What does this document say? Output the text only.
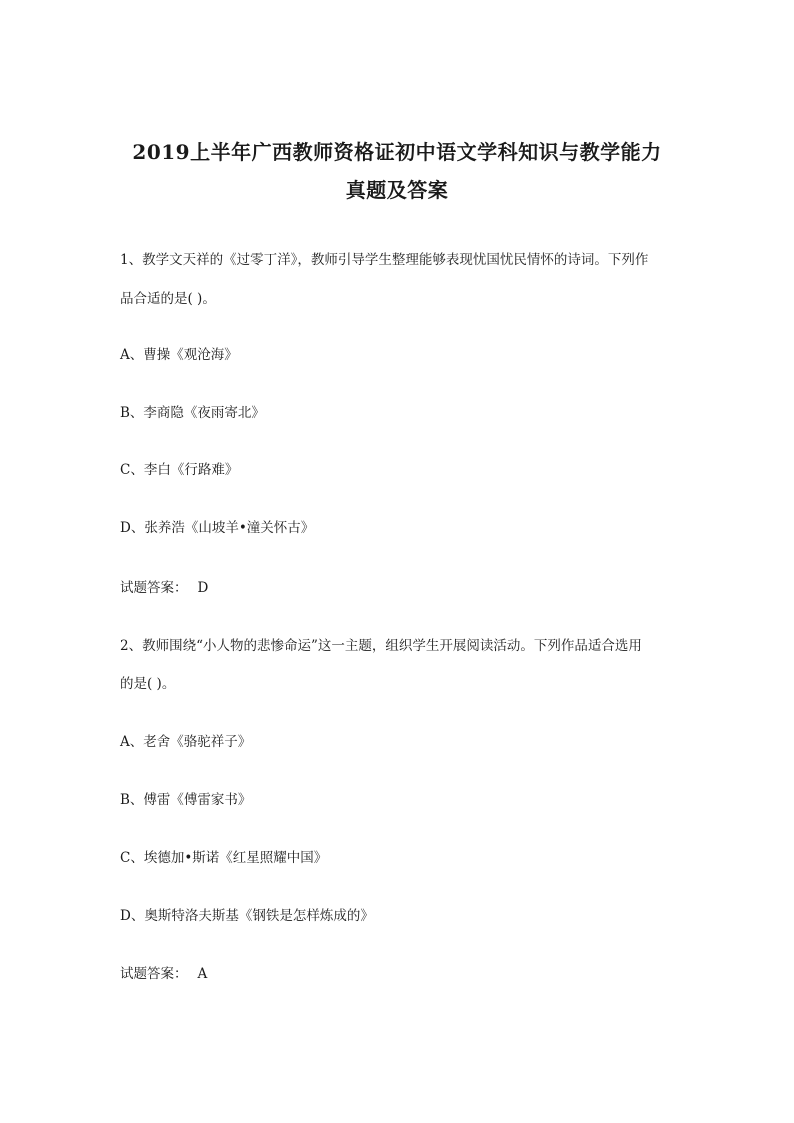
2019上半年广西教师资格证初中语文学科知识与教学能力
真题及答案
1、教学文天祥的《过零丁洋》，教师引导学生整理能够表现忧国忧民情怀的诗词。下列作
品合适的是( )。
A、曹操《观沧海》
B、李商隐《夜雨寄北》
C、李白《行路难》
D、张养浩《山坡羊•潼关怀古》
试题答案： D
2、教师围绕“小人物的悲惨命运”这一主题，组织学生开展阅读活动。下列作品适合选用
的是( )。
A、老舍《骆驼祥子》
B、傅雷《傅雷家书》
C、埃德加•斯诺《红星照耀中国》
D、奥斯特洛夫斯基《钢铁是怎样炼成的》
试题答案： A
